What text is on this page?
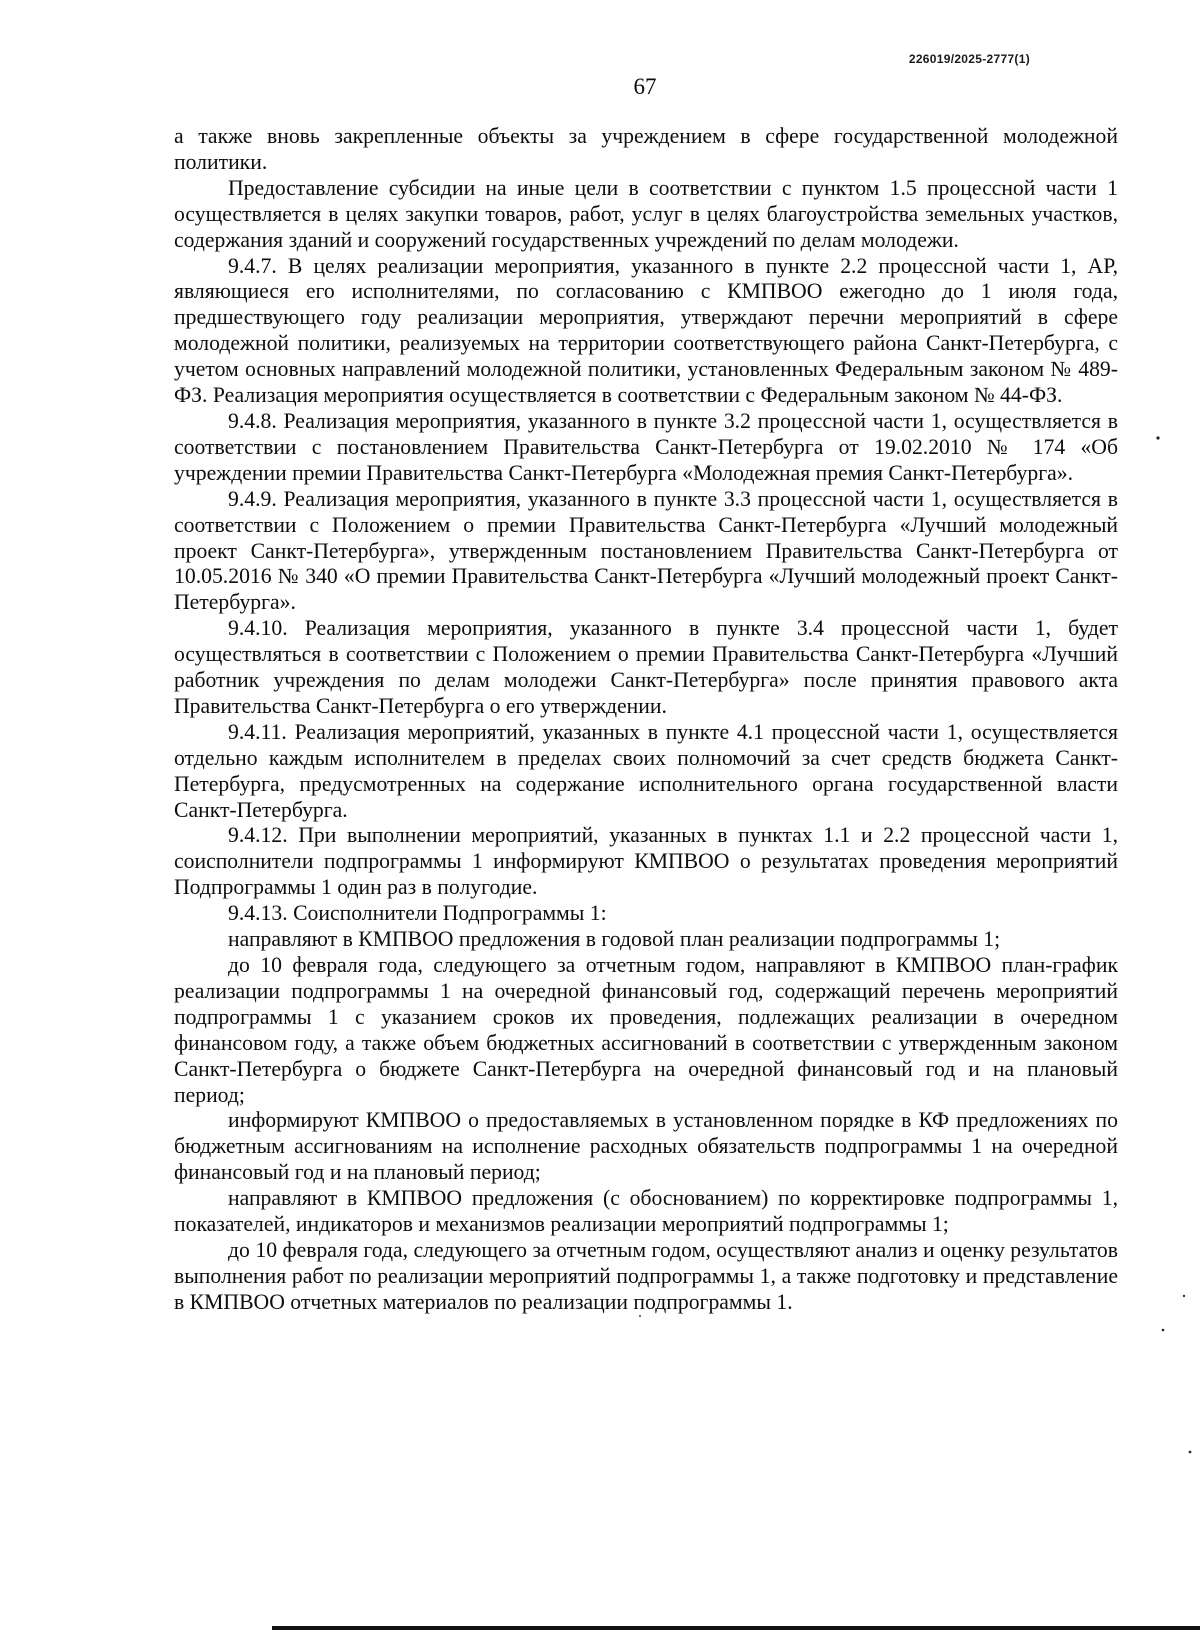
226019/2025-2777(1)
67

а также вновь закрепленные объекты за учреждением в сфере государственной молодежной политики.

Предоставление субсидии на иные цели в соответствии с пунктом 1.5 процессной части 1 осуществляется в целях закупки товаров, работ, услуг в целях благоустройства земельных участков, содержания зданий и сооружений государственных учреждений по делам молодежи.

9.4.7. В целях реализации мероприятия, указанного в пункте 2.2 процессной части 1, АР, являющиеся его исполнителями, по согласованию с КМПВОО ежегодно до 1 июля года, предшествующего году реализации мероприятия, утверждают перечни мероприятий в сфере молодежной политики, реализуемых на территории соответствующего района Санкт-Петербурга, с учетом основных направлений молодежной политики, установленных Федеральным законом № 489-ФЗ. Реализация мероприятия осуществляется в соответствии с Федеральным законом № 44-ФЗ.

9.4.8. Реализация мероприятия, указанного в пункте 3.2 процессной части 1, осуществляется в соответствии с постановлением Правительства Санкт-Петербурга от 19.02.2010 № 174 «Об учреждении премии Правительства Санкт-Петербурга «Молодежная премия Санкт-Петербурга».

9.4.9. Реализация мероприятия, указанного в пункте 3.3 процессной части 1, осуществляется в соответствии с Положением о премии Правительства Санкт-Петербурга «Лучший молодежный проект Санкт-Петербурга», утвержденным постановлением Правительства Санкт-Петербурга от 10.05.2016 № 340 «О премии Правительства Санкт-Петербурга «Лучший молодежный проект Санкт-Петербурга».

9.4.10. Реализация мероприятия, указанного в пункте 3.4 процессной части 1, будет осуществляться в соответствии с Положением о премии Правительства Санкт-Петербурга «Лучший работник учреждения по делам молодежи Санкт-Петербурга» после принятия правового акта Правительства Санкт-Петербурга о его утверждении.

9.4.11. Реализация мероприятий, указанных в пункте 4.1 процессной части 1, осуществляется отдельно каждым исполнителем в пределах своих полномочий за счет средств бюджета Санкт-Петербурга, предусмотренных на содержание исполнительного органа государственной власти Санкт-Петербурга.

9.4.12. При выполнении мероприятий, указанных в пунктах 1.1 и 2.2 процессной части 1, соисполнители подпрограммы 1 информируют КМПВОО о результатах проведения мероприятий Подпрограммы 1 один раз в полугодие.

9.4.13. Соисполнители Подпрограммы 1:

направляют в КМПВОО предложения в годовой план реализации подпрограммы 1;

до 10 февраля года, следующего за отчетным годом, направляют в КМПВОО план-график реализации подпрограммы 1 на очередной финансовый год, содержащий перечень мероприятий подпрограммы 1 с указанием сроков их проведения, подлежащих реализации в очередном финансовом году, а также объем бюджетных ассигнований в соответствии с утвержденным законом Санкт-Петербурга о бюджете Санкт-Петербурга на очередной финансовый год и на плановый период;

информируют КМПВОО о предоставляемых в установленном порядке в КФ предложениях по бюджетным ассигнованиям на исполнение расходных обязательств подпрограммы 1 на очередной финансовый год и на плановый период;

направляют в КМПВОО предложения (с обоснованием) по корректировке подпрограммы 1, показателей, индикаторов и механизмов реализации мероприятий подпрограммы 1;

до 10 февраля года, следующего за отчетным годом, осуществляют анализ и оценку результатов выполнения работ по реализации мероприятий подпрограммы 1, а также подготовку и представление в КМПВОО отчетных материалов по реализации подпрограммы 1.
